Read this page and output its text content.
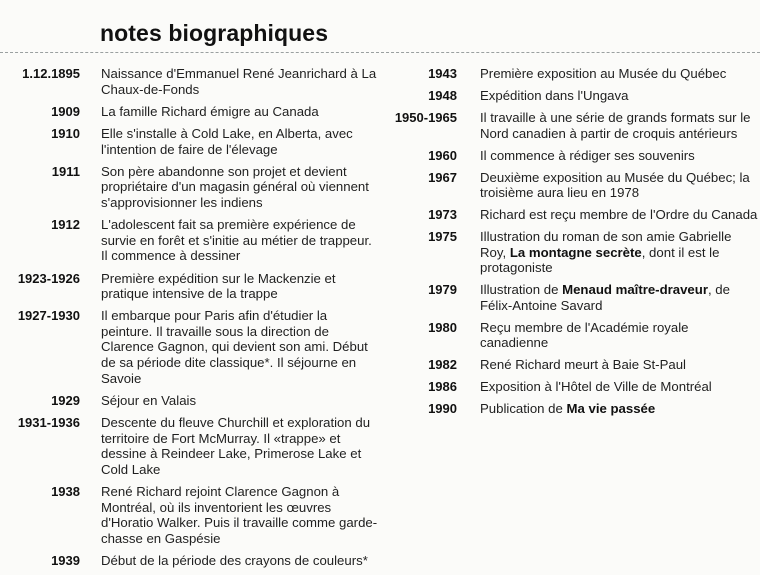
notes biographiques
1.12.1895	Naissance d'Emmanuel René Jeanrichard à La Chaux-de-Fonds
1909	La famille Richard émigre au Canada
1910	Elle s'installe à Cold Lake, en Alberta, avec l'intention de faire de l'élevage
1911	Son père abandonne son projet et devient propriétaire d'un magasin général où viennent s'approvisionner les indiens
1912	L'adolescent fait sa première expérience de survie en forêt et s'initie au métier de trappeur. Il commence à dessiner
1923-1926	Première expédition sur le Mackenzie et pratique intensive de la trappe
1927-1930	Il embarque pour Paris afin d'étudier la peinture. Il travaille sous la direction de Clarence Gagnon, qui devient son ami. Début de sa période dite classique*. Il séjourne en Savoie
1929	Séjour en Valais
1931-1936	Descente du fleuve Churchill et exploration du territoire de Fort McMurray. Il «trappe» et dessine à Reindeer Lake, Primerose Lake et Cold Lake
1938	René Richard rejoint Clarence Gagnon à Montréal, où ils inventorient les œuvres d'Horatio Walker. Puis il travaille comme garde-chasse en Gaspésie
1939	Début de la période des crayons de couleurs*
1943	Première exposition au Musée du Québec
1948	Expédition dans l'Ungava
1950-1965	Il travaille à une série de grands formats sur le Nord canadien à partir de croquis antérieurs
1960	Il commence à rédiger ses souvenirs
1967	Deuxième exposition au Musée du Québec; la troisième aura lieu en 1978
1973	Richard est reçu membre de l'Ordre du Canada
1975	Illustration du roman de son amie Gabrielle Roy, La montagne secrète, dont il est le protagoniste
1979	Illustration de Menaud maître-draveur, de Félix-Antoine Savard
1980	Reçu membre de l'Académie royale canadienne
1982	René Richard meurt à Baie St-Paul
1986	Exposition à l'Hôtel de Ville de Montréal
1990	Publication de Ma vie passée
